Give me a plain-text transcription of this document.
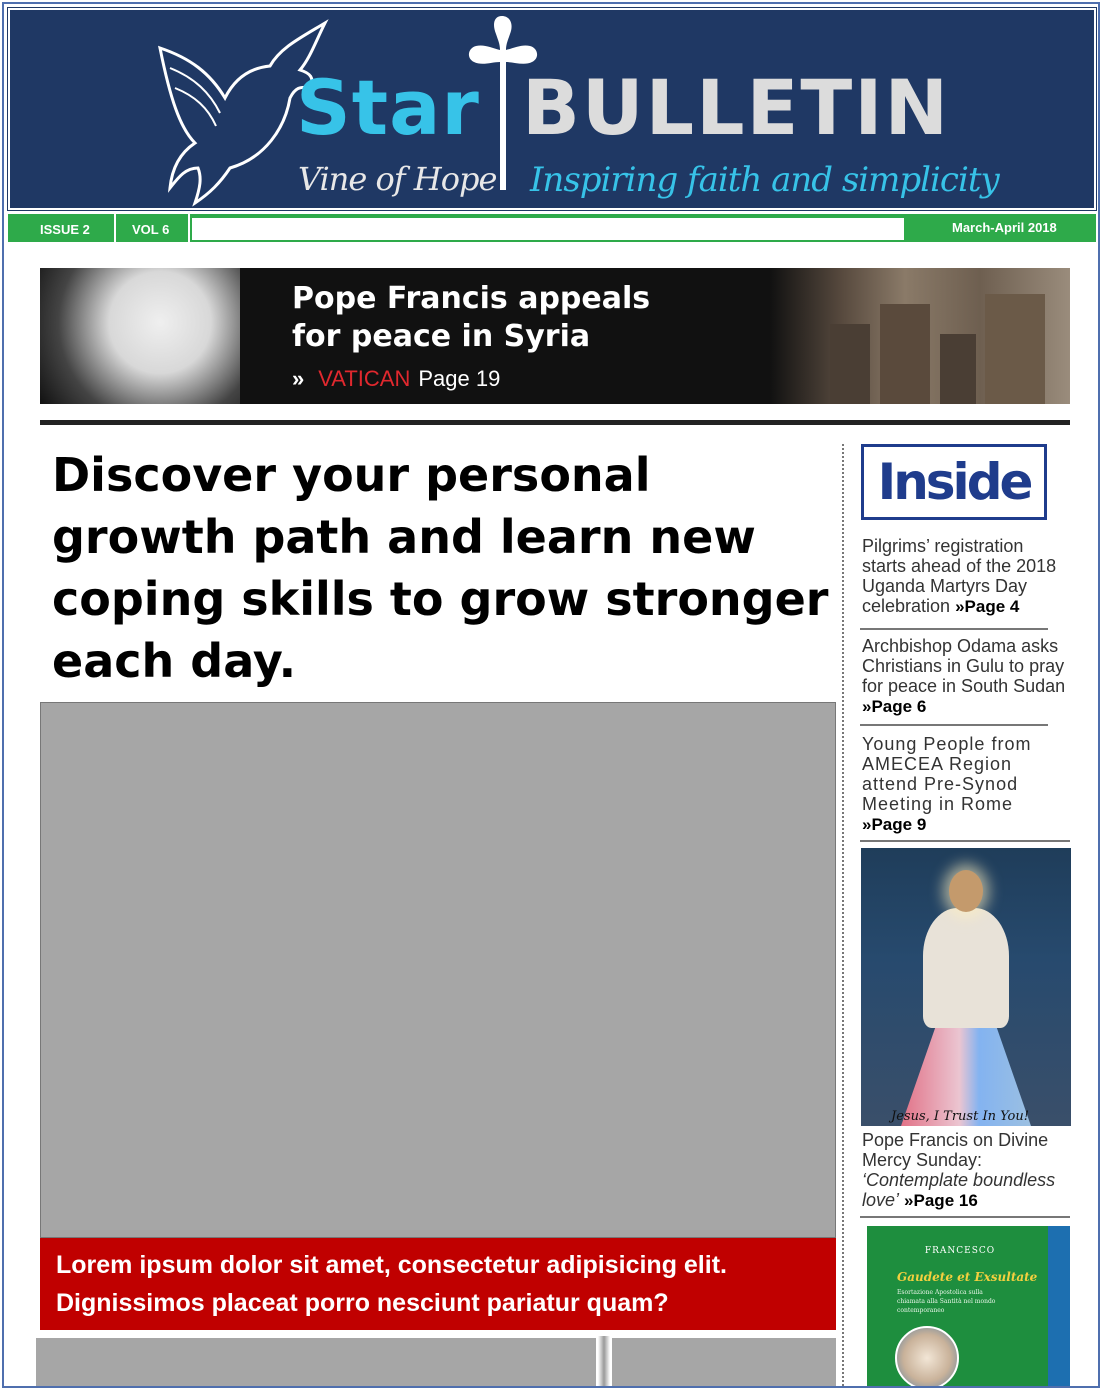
Star BULLETIN
Vine of Hope Inspiring faith and simplicity
ISSUE 2	VOL 6	March-April 2018
Pope Francis appeals
for peace in Syria
» VATICAN Page 19
Discover your personal growth path and learn new coping skills to grow stronger each day.
Lorem ipsum dolor sit amet, consectetur adipisicing elit. Dignissimos placeat porro nesciunt pariatur quam?
Inside
Pilgrims’ registration starts ahead of the 2018 Uganda Martyrs Day celebration »Page 4
Archbishop Odama asks Christians in Gulu to pray for peace in South Sudan »Page 6
Young People from AMECEA Region attend Pre-Synod Meeting in Rome
»Page 9
Jesus, I Trust In You!
Pope Francis on Divine Mercy Sunday: ‘Contemplate boundless love’ »Page 16
FRANCESCO
Gaudete et Exsultate
Esortazione Apostolica sulla chiamata alla Santità nel mondo contemporaneo
